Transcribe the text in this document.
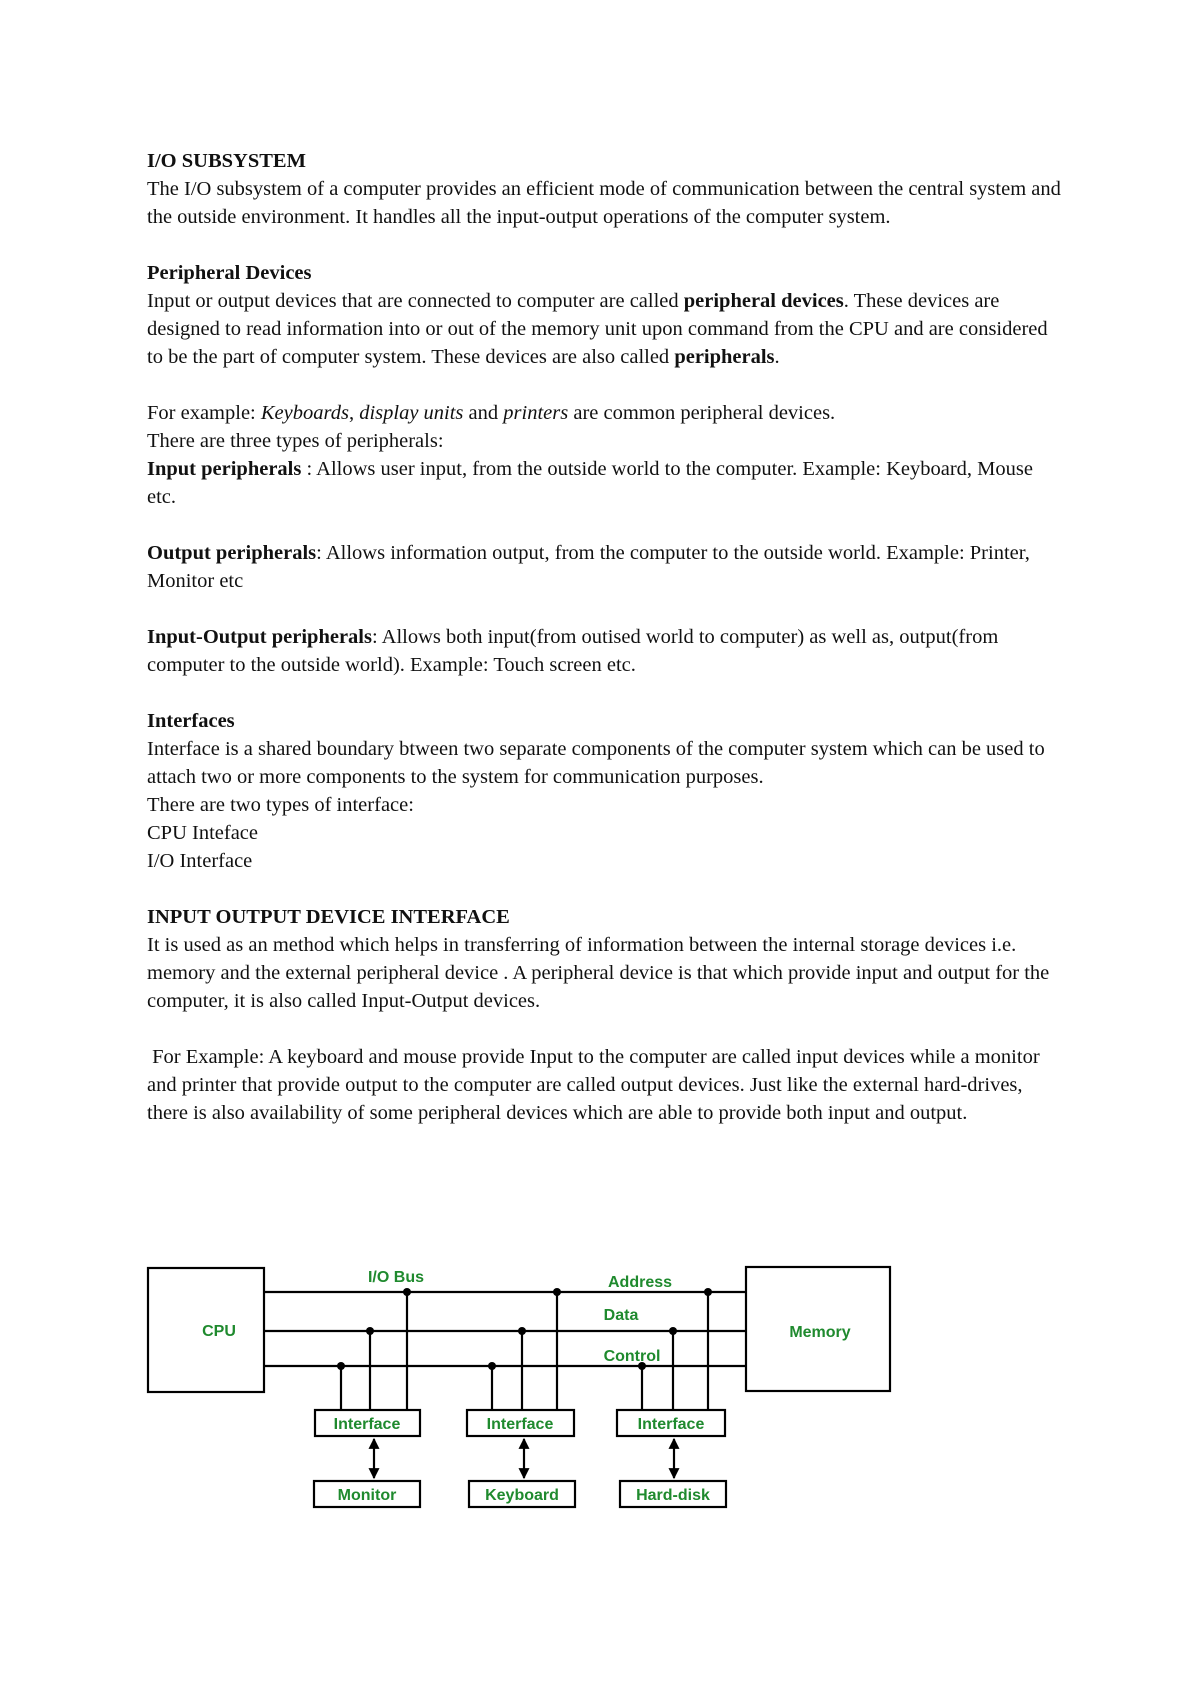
I/O SUBSYSTEM

The I/O subsystem of a computer provides an efficient mode of communication between the central system and the outside environment. It handles all the input-output operations of the computer system.

Peripheral Devices

Input or output devices that are connected to computer are called peripheral devices. These devices are designed to read information into or out of the memory unit upon command from the CPU and are considered to be the part of computer system. These devices are also called peripherals.

For example: Keyboards, display units and printers are common peripheral devices.

There are three types of peripherals:

Input peripherals : Allows user input, from the outside world to the computer. Example: Keyboard, Mouse etc.

Output peripherals: Allows information output, from the computer to the outside world. Example: Printer, Monitor etc

Input-Output peripherals: Allows both input(from outised world to computer) as well as, output(from computer to the outside world). Example: Touch screen etc.

Interfaces

Interface is a shared boundary btween two separate components of the computer system which can be used to attach two or more components to the system for communication purposes.

There are two types of interface:

CPU Inteface

I/O Interface

INPUT OUTPUT DEVICE INTERFACE

It is used as an method which helps in transferring of information between the internal storage devices i.e. memory and the external peripheral device . A peripheral device is that which provide input and output for the computer, it is also called Input-Output devices.

For Example: A keyboard and mouse provide Input to the computer are called input devices while a monitor and printer that provide output to the computer are called output devices. Just like the external hard-drives, there is also availability of some peripheral devices which are able to provide both input and output.

CPU	Memory
I/O Bus	Address
Data
Control
Interface	Interface	Interface
Monitor	Keyboard	Hard-disk
